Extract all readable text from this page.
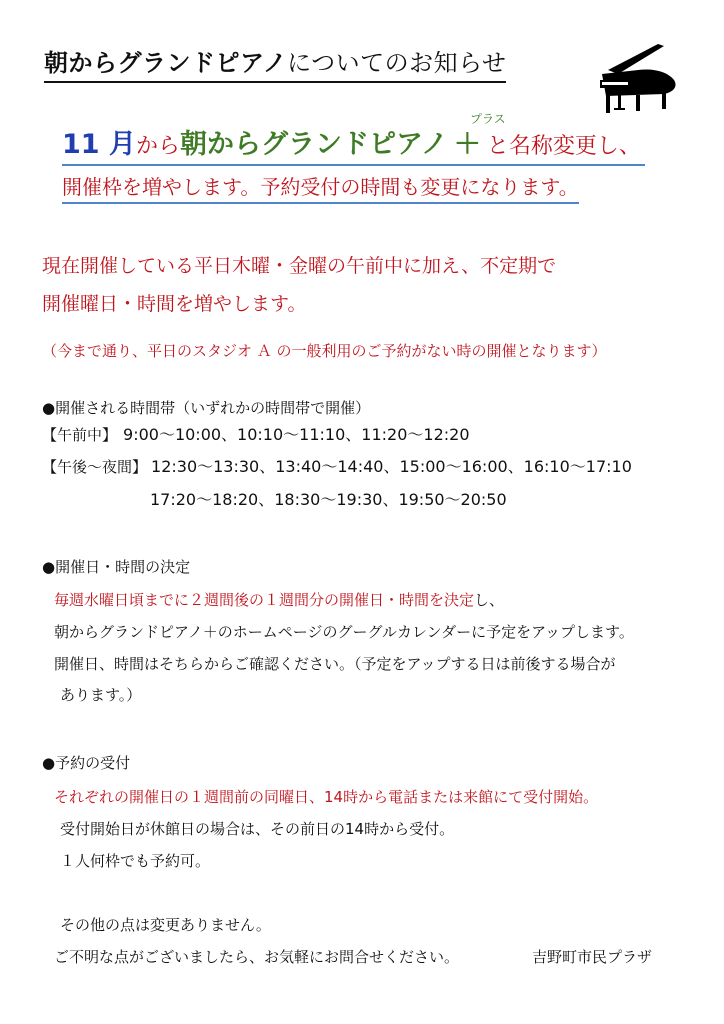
朝からグランドピアノについてのお知らせ
プラス
11 月から朝からグランドピアノ ＋ と名称変更し、
開催枠を増やします。予約受付の時間も変更になります。
現在開催している平日木曜・金曜の午前中に加え、不定期で
開催曜日・時間を増やします。
（今まで通り、平日のスタジオ Ａ の一般利用のご予約がない時の開催となります）
●開催される時間帯（いずれかの時間帯で開催）
【午前中】 9:00～10:00、10:10～11:10、11:20～12:20
【午後～夜間】 12:30～13:30、13:40～14:40、15:00～16:00、16:10～17:10
17:20～18:20、18:30～19:30、19:50～20:50
●開催日・時間の決定
毎週水曜日頃までに２週間後の１週間分の開催日・時間を決定し、
朝からグランドピアノ＋のホームページのグーグルカレンダーに予定をアップします。
開催日、時間はそちらからご確認ください。（予定をアップする日は前後する場合が
あります。）
●予約の受付
それぞれの開催日の１週間前の同曜日、14時から電話または来館にて受付開始。
受付開始日が休館日の場合は、その前日の14時から受付。
１人何枠でも予約可。
その他の点は変更ありません。
ご不明な点がございましたら、お気軽にお問合せください。	吉野町市民プラザ
